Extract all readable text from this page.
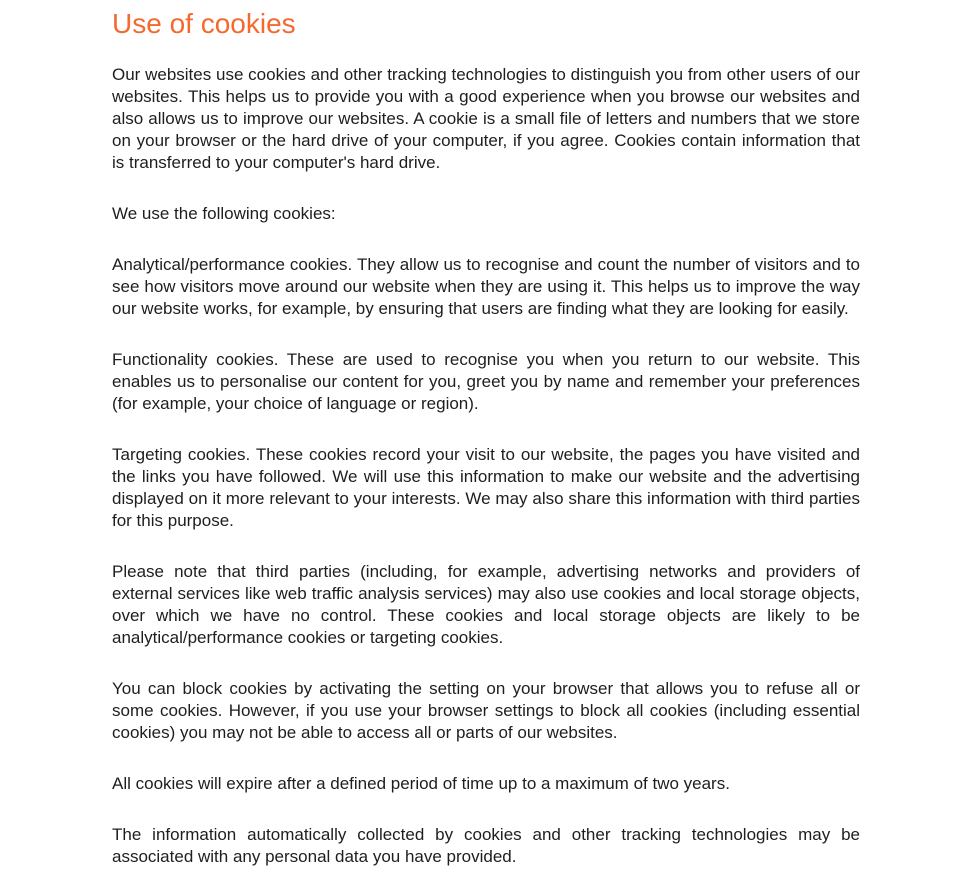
Use of cookies

Our websites use cookies and other tracking technologies to distinguish you from other users of our websites. This helps us to provide you with a good experience when you browse our websites and also allows us to improve our websites. A cookie is a small file of letters and numbers that we store on your browser or the hard drive of your computer, if you agree. Cookies contain information that is transferred to your computer's hard drive.

We use the following cookies:

Analytical/performance cookies. They allow us to recognise and count the number of visitors and to see how visitors move around our website when they are using it. This helps us to improve the way our website works, for example, by ensuring that users are finding what they are looking for easily.

Functionality cookies. These are used to recognise you when you return to our website. This enables us to personalise our content for you, greet you by name and remember your preferences (for example, your choice of language or region).

Targeting cookies. These cookies record your visit to our website, the pages you have visited and the links you have followed. We will use this information to make our website and the advertising displayed on it more relevant to your interests. We may also share this information with third parties for this purpose.

Please note that third parties (including, for example, advertising networks and providers of external services like web traffic analysis services) may also use cookies and local storage objects, over which we have no control. These cookies and local storage objects are likely to be analytical/performance cookies or targeting cookies.

You can block cookies by activating the setting on your browser that allows you to refuse all or some cookies. However, if you use your browser settings to block all cookies (including essential cookies) you may not be able to access all or parts of our websites.

All cookies will expire after a defined period of time up to a maximum of two years.

The information automatically collected by cookies and other tracking technologies may be associated with any personal data you have provided.
